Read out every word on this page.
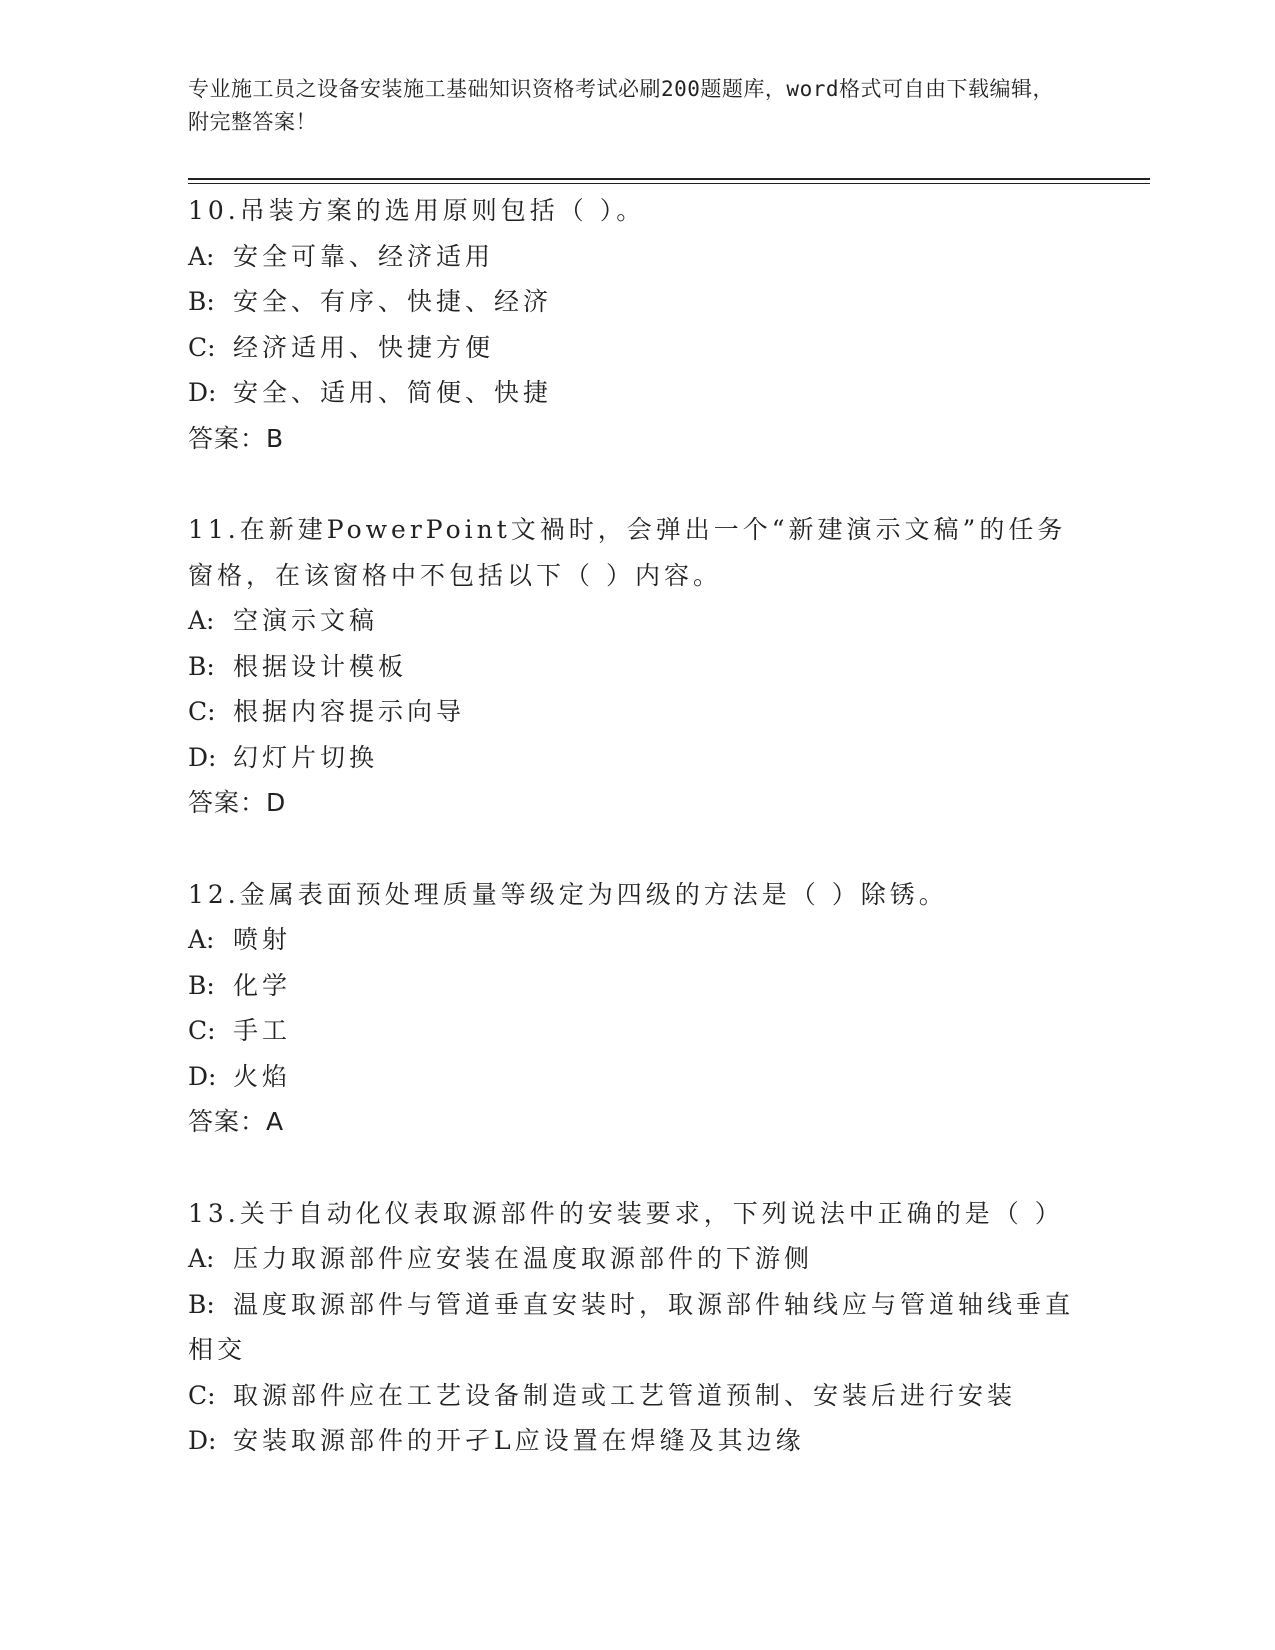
专业施工员之设备安装施工基础知识资格考试必刷200题题库，word格式可自由下载编辑，附完整答案！
10.吊装方案的选用原则包括（ ）。
A: 安全可靠、经济适用
B: 安全、有序、快捷、经济
C: 经济适用、快捷方便
D: 安全、适用、简便、快捷
答案：B
11.在新建PowerPoint文禍时，会弹出一个“新建演示文稿”的任务窗格，在该窗格中不包括以下（ ）内容。
A: 空演示文稿
B: 根据设计模板
C: 根据内容提示向导
D: 幻灯片切换
答案：D
12.金属表面预处理质量等级定为四级的方法是（ ）除锈。
A: 喷射
B: 化学
C: 手工
D: 火焰
答案：A
13.关于自动化仪表取源部件的安装要求，下列说法中正确的是（ ）
A: 压力取源部件应安装在温度取源部件的下游侧
B: 温度取源部件与管道垂直安装时，取源部件轴线应与管道轴线垂直相交
C: 取源部件应在工艺设备制造或工艺管道预制、安装后进行安装
D: 安装取源部件的开孑L应设置在焊缝及其边缘
